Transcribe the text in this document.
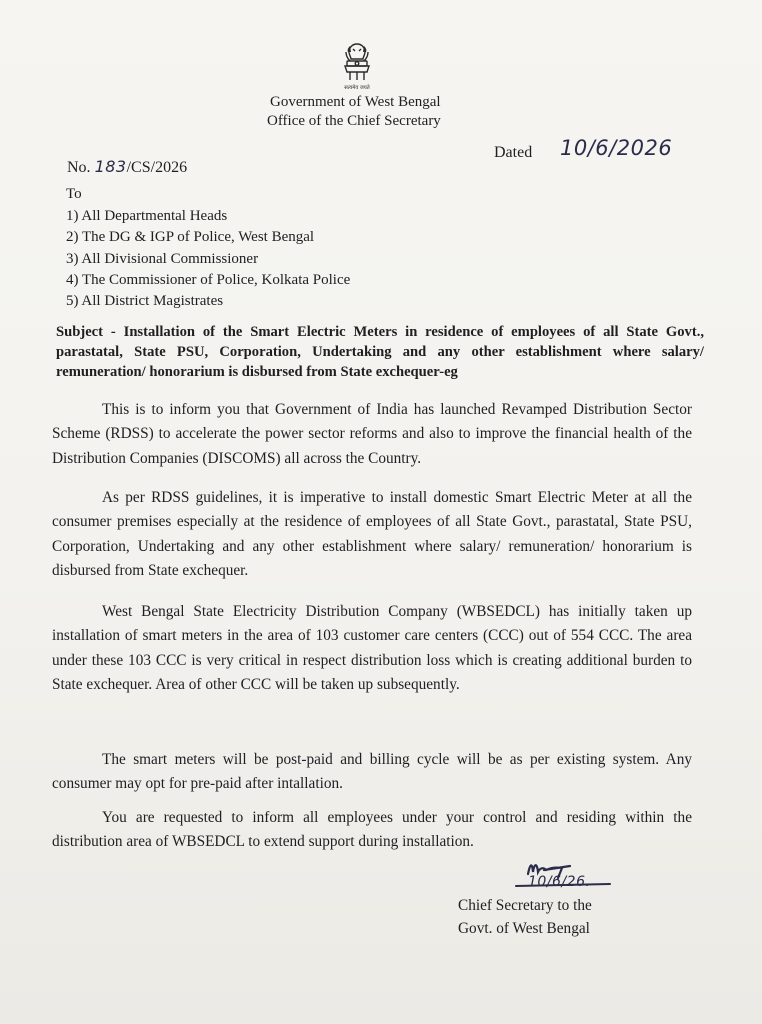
सत्यमेव जयते
Government of West Bengal
Office of the Chief Secretary
No. 183/CS/2026
Dated 10/6/2026
To
1) All Departmental Heads
2) The DG & IGP of Police, West Bengal
3) All Divisional Commissioner
4) The Commissioner of Police, Kolkata Police
5) All District Magistrates
Subject - Installation of the Smart Electric Meters in residence of employees of all State Govt., parastatal, State PSU, Corporation, Undertaking and any other establishment where salary/ remuneration/ honorarium is disbursed from State exchequer-eg

This is to inform you that Government of India has launched Revamped Distribution Sector Scheme (RDSS) to accelerate the power sector reforms and also to improve the financial health of the Distribution Companies (DISCOMS) all across the Country.

As per RDSS guidelines, it is imperative to install domestic Smart Electric Meter at all the consumer premises especially at the residence of employees of all State Govt., parastatal, State PSU, Corporation, Undertaking and any other establishment where salary/ remuneration/ honorarium is disbursed from State exchequer.

West Bengal State Electricity Distribution Company (WBSEDCL) has initially taken up installation of smart meters in the area of 103 customer care centers (CCC) out of 554 CCC. The area under these 103 CCC is very critical in respect distribution loss which is creating additional burden to State exchequer. Area of other CCC will be taken up subsequently.

The smart meters will be post-paid and billing cycle will be as per existing system. Any consumer may opt for pre-paid after intallation.

You are requested to inform all employees under your control and residing within the distribution area of WBSEDCL to extend support during installation.

10/6/26.
Chief Secretary to the
Govt. of West Bengal
